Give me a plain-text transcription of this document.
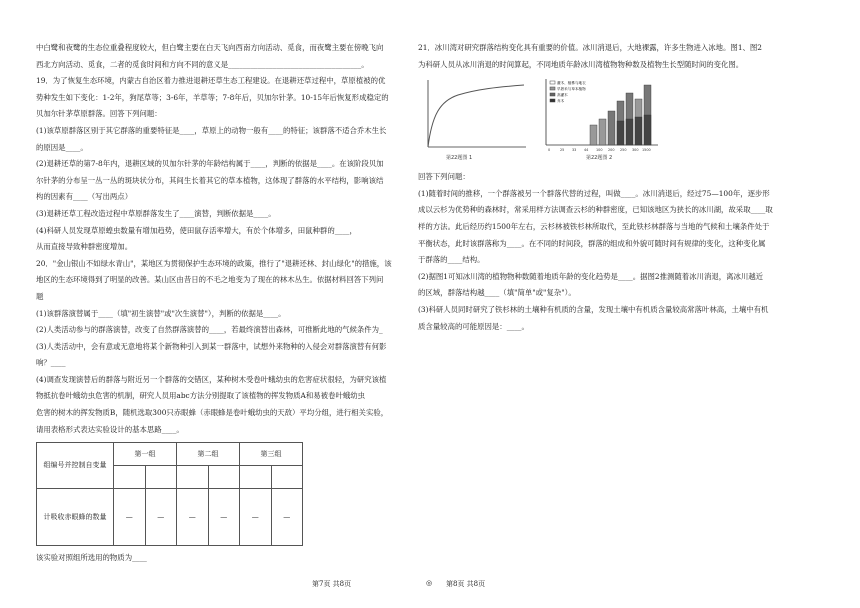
中白鹭和夜鹭的生态位重叠程度较大，但白鹭主要在白天飞向西南方向活动、觅食，而夜鹭主要在傍晚飞向

西北方向活动、觅食，二者的觅食时间和方向不同的意义是____________________________________。

19．为了恢复生态环境，内蒙古自治区着力推进退耕还草生态工程建设。在退耕还草过程中，草原植被的优

势种发生如下变化：1-2年，狗尾草等；3-6年，羊草等；7-8年后，贝加尔针茅。10-15年后恢复形成稳定的

贝加尔针茅草原群落。回答下列问题：

(1)该草原群落区别于其它群落的重要特征是____，草原上的动物一般有____的特征；该群落不适合乔木生长

的原因是____。

(2)退耕还草的第7-8年内，退耕区域的贝加尔针茅的年龄结构属于____，判断的依据是____。在该阶段贝加

尔针茅的分布呈一丛一丛的斑块状分布，其间生长着其它的草本植物，这体现了群落的水平结构，影响该结

构的因素有____（写出两点）

(3)退耕还草工程改造过程中草原群落发生了____演替，判断依据是____。

(4)科研人员发现草原蝗虫数量有增加趋势，使田鼠存活率增大，有於个体增多，田鼠种群的____，

从而直接导致种群密度增加。

20．"金山银山不如绿水青山"，某地区为贯彻保护生态环境的政策，推行了"退耕还林、封山绿化"的措施，该

地区的生态环境得到了明显的改善。某山区由昔日的不毛之地变为了现在的林木丛生。依据材料回答下列问

题

(1)该群落演替属于____（填"初生演替"或"次生演替"），判断的依据是____。

(2)人类活动参与的群落演替，改变了自然群落演替的____，若最终演替出森林，可推断此地的气候条件为_

(3)人类活动中，会有意或无意地将某个新物种引入到某一群落中，试想外来物种的入侵会对群落演替有何影

响？____

(4)调查发现演替后的群落与附近另一个群落的交错区，某种树木受卷叶蛾幼虫的危害症状很轻，为研究该植

物抵抗卷叶蛾幼虫危害的机制，研究人员用abc方法分别提取了该植物的挥发物质A和易被卷叶蛾幼虫

危害的树木的挥发物质B，随机选取300只赤眼蜂（赤眼蜂是卷叶蛾幼虫的天敌）平均分组，进行相关实验，

请用表格形式表达实验设计的基本思路____。

组编号并控制自变量	第一组		第二组		第三组	

计吸收赤眼蜂的数量	—	—	—	—	—	—

该实验对照组所选用的物质为____

21．冰川湾对研究群落结构变化具有重要的价值。冰川消退后，大地裸露，许多生物进入冰地。图1、图2

为科研人员从冰川消退的时间算起，不同地质年龄冰川湾植物物种数及植物生长型随时间的变化图。

第22题图 1
灌木、植株与地衣
早熟禾与草本植物
高灌木
乔木
0	25 33 44 100 200 250 300 1500
第22题图 2

回答下列问题：

(1)随着时间的推移，一个群落被另一个群落代替的过程，叫做____。冰川消退后，经过75—100年，逐步形

成以云杉为优势种的森林时，常采用样方法调查云杉的种群密度，已知该地区为狭长的冰川湖，故采取____取

样的方法。此后经历约1500年左右，云杉林被铁杉林所取代，至此铁杉林群落与当地的气候和土壤条件处于

平衡状态，此时该群落称为____。在不同的时间段，群落的组成和外貌可随时间有规律的变化，这种变化属

于群落的____结构。

(2)据图1可知冰川湾的植物物种数随着地质年龄的变化趋势是____。据图2推测随着冰川消退，离冰川越近

的区域，群落结构越____（填"简单"或"复杂"）。

(3)科研人员同时研究了铁杉林的土壤种有机质的含量，发现土壤中有机质含量较高常落叶林高，土壤中有机

质含量较高的可能原因是：____。

第7页 共8页	◎ 第8页 共8页
